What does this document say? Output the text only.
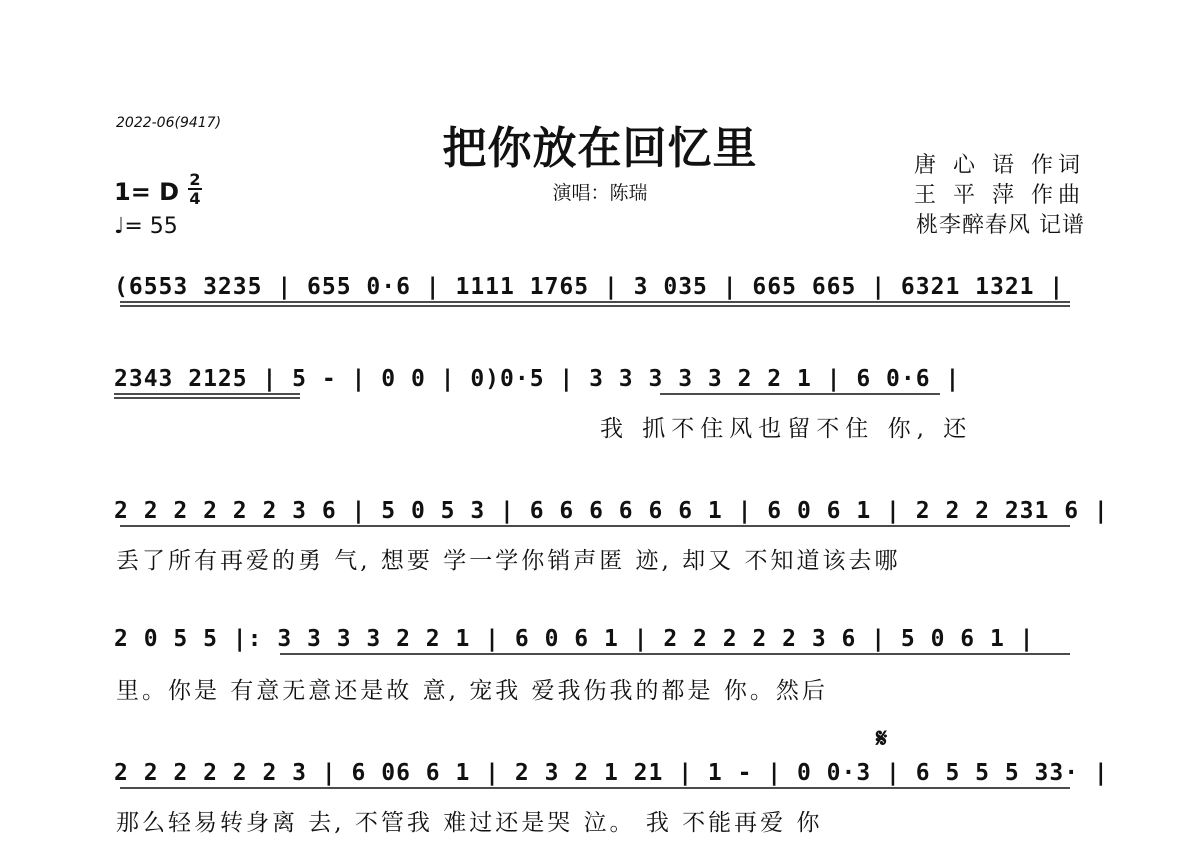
2022-06(9417)	把你放在回忆里
演唱：陈瑞
唐 心 语 作词
王 平 萍 作曲
桃李醉春风 记谱
1= D 2
4
♩= 55
𝄋
(6553 3235 | 655 0·6 | 1111 1765 | 3 035 | 665 665 | 6321 1321 |
2343 2125 | 5 - | 0 0 | 0)0·5 | 3 3 3 3 3 2 2 1 | 6 0·6 |
我 抓不住风也留不住 你, 还
2 2 2 2 2 2 3 6 | 5 0 5 3 | 6 6 6 6 6 6 1 | 6 0 6 1 | 2 2 2 231 6 |
丢了所有再爱的勇 气, 想要 学一学你销声匿 迹, 却又 不知道该去哪
2 0 5 5 |: 3 3 3 3 2 2 1 | 6 0 6 1 | 2 2 2 2 2 3 6 | 5 0 6 1 |
里。你是 有意无意还是故 意, 宠我 爱我伤我的都是 你。然后
2 2 2 2 2 2 3 | 6 06 6 1 | 2 3 2 1 21 | 1 - | 0 0·3 | 6 5 5 5 33· |
那么轻易转身离 去, 不管我 难过还是哭 泣。 我 不能再爱 你
